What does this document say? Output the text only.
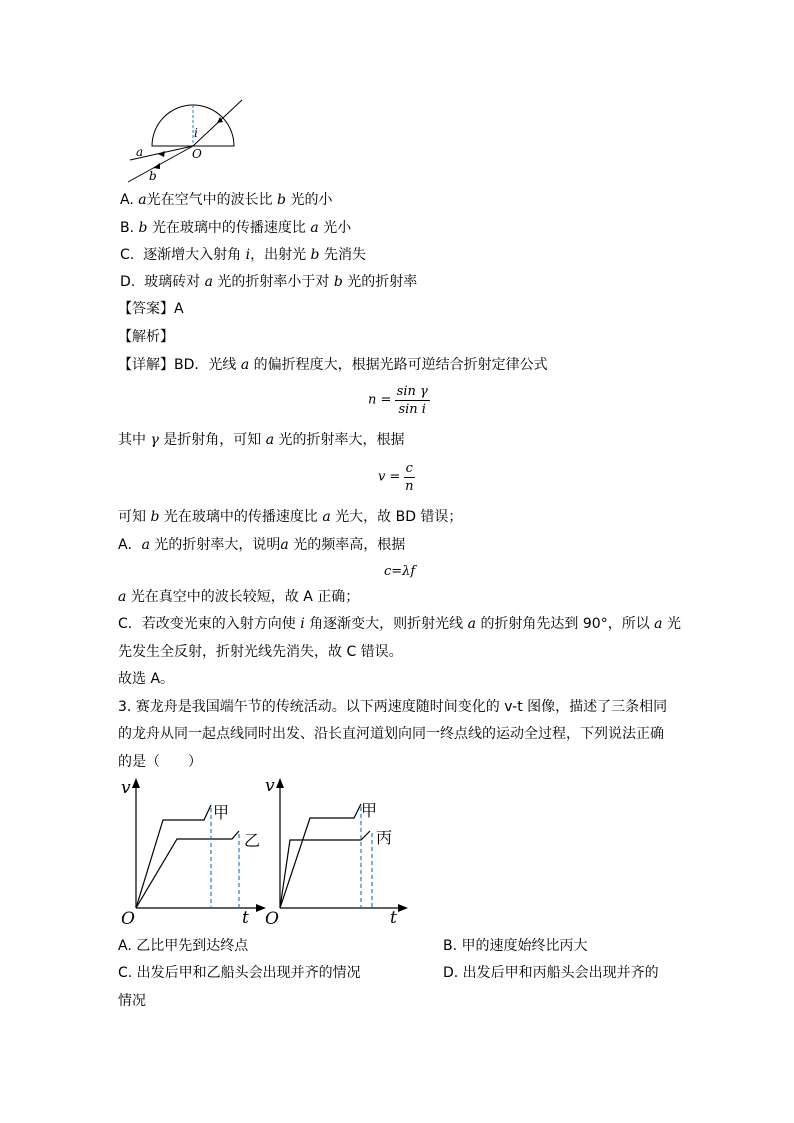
i
O
a
b
A. a光在空气中的波长比 b 光的小
B. b 光在玻璃中的传播速度比 a 光小
C. 逐渐增大入射角 i，出射光 b 先消失
D. 玻璃砖对 a 光的折射率小于对 b 光的折射率
【答案】A
【解析】
【详解】BD．光线 a 的偏折程度大，根据光路可逆结合折射定律公式
$n = \frac{\text{sin γ}}{\text{sin i}}$
其中 γ 是折射角，可知 a 光的折射率大，根据
$v = \frac{c}{n}$
可知 b 光在玻璃中的传播速度比 a 光大，故 BD 错误；
A．a 光的折射率大，说明a 光的频率高，根据
c=λf
a 光在真空中的波长较短，故 A 正确；
C．若改变光束的入射方向使 i 角逐渐变大，则折射光线 a 的折射角先达到 90°，所以 a 光
先发生全反射，折射光线先消失，故 C 错误。
故选 A。
3. 赛龙舟是我国端午节的传统活动。以下两速度随时间变化的 v-t 图像，描述了三条相同
的龙舟从同一起点线同时出发、沿长直河道划向同一终点线的运动全过程，下列说法正确
的是（　　）
v
t
O
甲
乙
v
t
O
甲
丙
A. 乙比甲先到达终点	B. 甲的速度始终比丙大
C. 出发后甲和乙船头会出现并齐的情况	D. 出发后甲和丙船头会出现并齐的
情况
